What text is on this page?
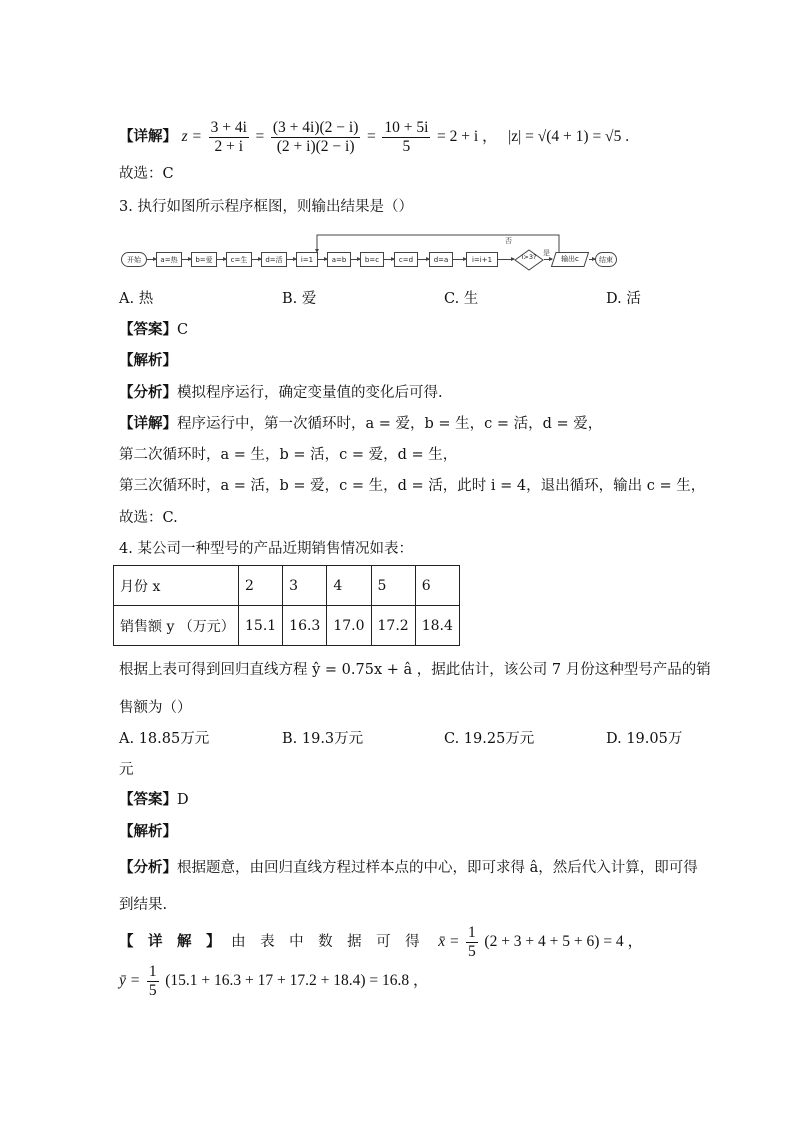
【详解】 $z = \frac{3 + 4i}{2 + i} = \frac{(3 + 4i)(2 - i)}{(2 + i)(2 - i)} = \frac{10 + 5i}{5} = 2 + i$ ， |z| = √(4 + 1) = √5 .
故选：C
3. 执行如图所示程序框图，则输出结果是（）
否
是
开始	a=热	b=爱	c=生	d=活	i=1	a=b	b=c	c=d	d=a	i=i+1	i>3?	输出c	结束
A. 热	B. 爱	C. 生	D. 活
【答案】C
【解析】
【分析】模拟程序运行，确定变量值的变化后可得.
【详解】程序运行中，第一次循环时，a = 爱，b = 生，c = 活，d = 爱，
第二次循环时，a = 生，b = 活，c = 爱，d = 生，
第三次循环时，a = 活，b = 爱，c = 生，d = 活，此时 i = 4，退出循环，输出 c = 生，
故选：C.
4. 某公司一种型号的产品近期销售情况如表：
月份 x	2	3	4	5	6
销售额 y （万元）	15.1	16.3	17.0	17.2	18.4
根据上表可得到回归直线方程 ŷ = 0.75x + â ，据此估计，该公司 7 月份这种型号产品的销
售额为（）
A. 18.85万元	B. 19.3万元	C. 19.25万元	D. 19.05万
元
【答案】D
【解析】
【分析】根据题意，由回归直线方程过样本点的中心，即可求得 â，然后代入计算，即可得
到结果.
【　详　解　】 由　表　中　数　据　可　得 x̄ = $\frac{1}{5} (2 + 3 + 4 + 5 + 6) = 4$ ，
ȳ = $\frac{1}{5} (15.1 + 16.3 + 17 + 17.2 + 18.4) = 16.8$ ，
